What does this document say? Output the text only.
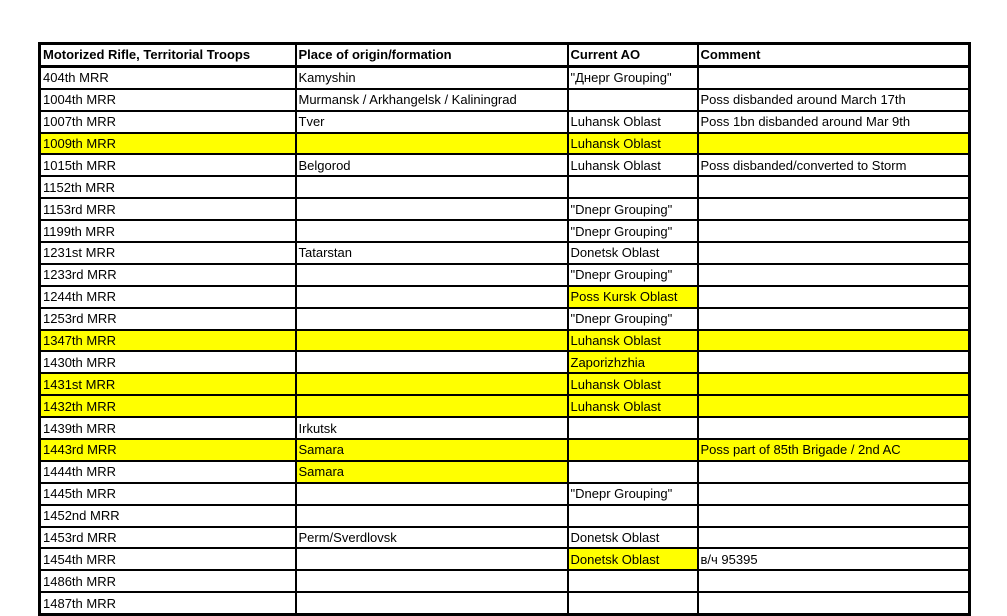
Motorized Rifle, Territorial Troops	Place of origin/formation	Current AO	Comment
404th MRR	Kamyshin	"Днepr Grouping"	
1004th MRR	Murmansk / Arkhangelsk / Kaliningrad		Poss disbanded around March 17th
1007th MRR	Tver	Luhansk Oblast	Poss 1bn disbanded around Mar 9th
1009th MRR		Luhansk Oblast	
1015th MRR	Belgorod	Luhansk Oblast	Poss disbanded/converted to Storm
1152th MRR			
1153rd MRR		"Dnepr Grouping"	
1199th MRR		"Dnepr Grouping"	
1231st MRR	Tatarstan	Donetsk Oblast	
1233rd MRR		"Dnepr Grouping"	
1244th MRR		Poss Kursk Oblast	
1253rd MRR		"Dnepr Grouping"	
1347th MRR		Luhansk Oblast	
1430th MRR		Zaporizhzhia	
1431st MRR		Luhansk Oblast	
1432th MRR		Luhansk Oblast	
1439th MRR	Irkutsk		
1443rd MRR	Samara		Poss part of 85th Brigade / 2nd AC
1444th MRR	Samara		
1445th MRR		"Dnepr Grouping"	
1452nd MRR			
1453rd MRR	Perm/Sverdlovsk	Donetsk Oblast	
1454th MRR		Donetsk Oblast	в/ч 95395
1486th MRR			
1487th MRR			
